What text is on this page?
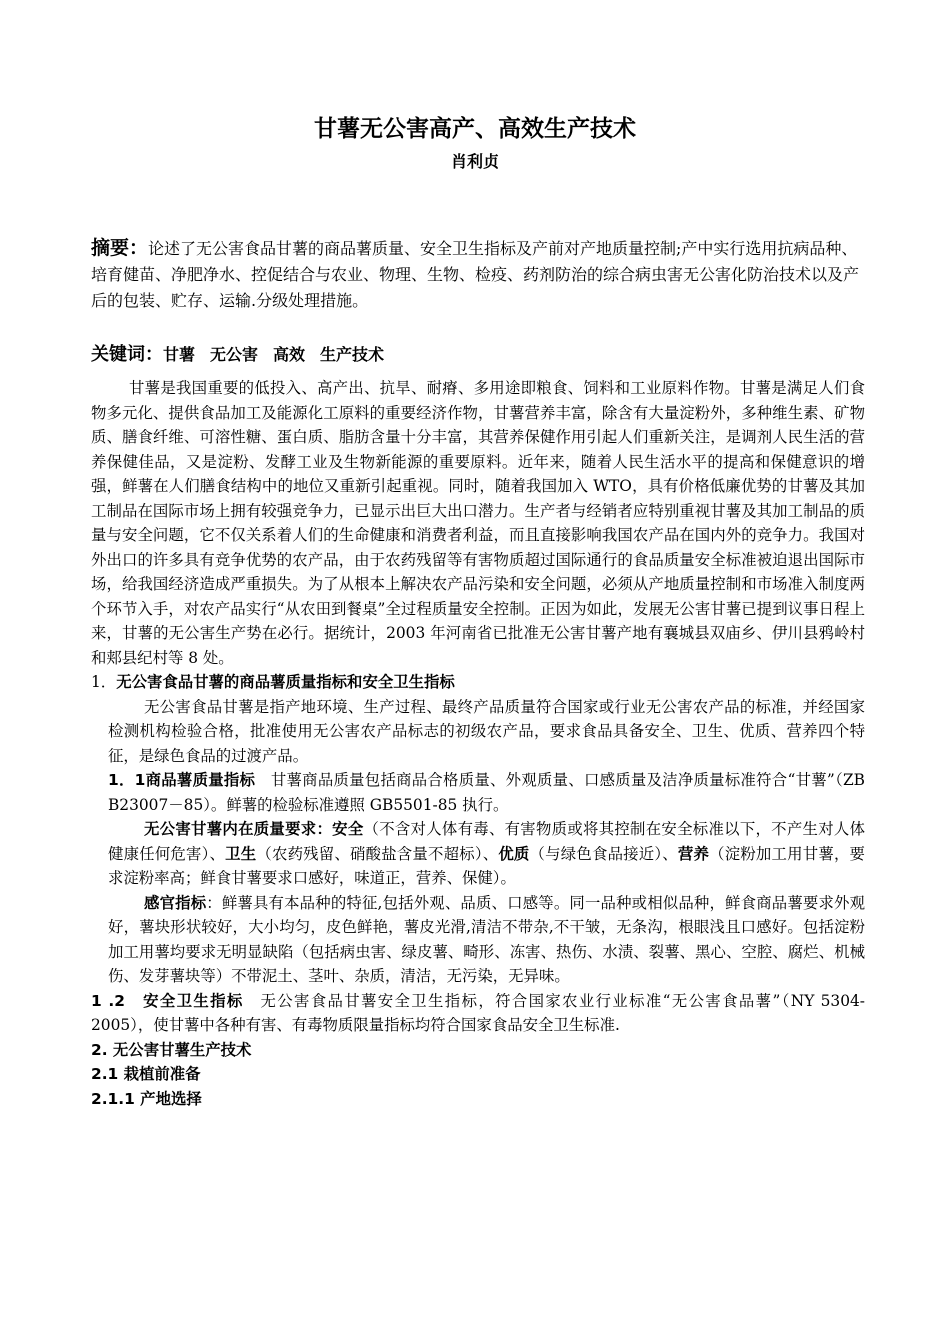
甘薯无公害高产、高效生产技术
肖利贞
摘要：论述了无公害食品甘薯的商品薯质量、安全卫生指标及产前对产地质量控制;产中实行选用抗病品种、培育健苗、净肥净水、控促结合与农业、物理、生物、检疫、药剂防治的综合病虫害无公害化防治技术以及产后的包装、贮存、运输.分级处理措施。
关键词：甘薯 无公害 高效 生产技术

甘薯是我国重要的低投入、高产出、抗旱、耐瘠、多用途即粮食、饲料和工业原料作物。甘薯是满足人们食物多元化、提供食品加工及能源化工原料的重要经济作物，甘薯营养丰富，除含有大量淀粉外，多种维生素、矿物质、膳食纤维、可溶性糖、蛋白质、脂肪含量十分丰富，其营养保健作用引起人们重新关注，是调剂人民生活的营养保健佳品，又是淀粉、发酵工业及生物新能源的重要原料。近年来，随着人民生活水平的提高和保健意识的增强，鲜薯在人们膳食结构中的地位又重新引起重视。同时，随着我国加入 WTO，具有价格低廉优势的甘薯及其加工制品在国际市场上拥有较强竞争力，已显示出巨大出口潜力。生产者与经销者应特别重视甘薯及其加工制品的质量与安全问题，它不仅关系着人们的生命健康和消费者利益，而且直接影响我国农产品在国内外的竞争力。我国对外出口的许多具有竞争优势的农产品，由于农药残留等有害物质超过国际通行的食品质量安全标准被迫退出国际市场，给我国经济造成严重损失。为了从根本上解决农产品污染和安全问题，必须从产地质量控制和市场准入制度两个环节入手，对农产品实行“从农田到餐桌”全过程质量安全控制。正因为如此，发展无公害甘薯已提到议事日程上来，甘薯的无公害生产势在必行。据统计，2003 年河南省已批准无公害甘薯产地有襄城县双庙乡、伊川县鸦岭村和郏县纪村等 8 处。

1．无公害食品甘薯的商品薯质量指标和安全卫生指标

无公害食品甘薯是指产地环境、生产过程、最终产品质量符合国家或行业无公害农产品的标准，并经国家检测机构检验合格，批准使用无公害农产品标志的初级农产品，要求食品具备安全、卫生、优质、营养四个特征，是绿色食品的过渡产品。

1．1商品薯质量指标　 甘薯商品质量包括商品合格质量、外观质量、口感质量及洁净质量标准符合“甘薯”（ZB　B23007－85）。鲜薯的检验标准遵照 GB5501-85 执行。

无公害甘薯内在质量要求：安全（不含对人体有毒、有害物质或将其控制在安全标准以下，不产生对人体健康任何危害）、卫生（农药残留、硝酸盐含量不超标）、优质（与绿色食品接近）、营养（淀粉加工用甘薯，要求淀粉率高；鲜食甘薯要求口感好，味道正，营养、保健）。

感官指标：鲜薯具有本品种的特征,包括外观、品质、口感等。同一品种或相似品种，鲜食商品薯要求外观好，薯块形状较好，大小均匀，皮色鲜艳，薯皮光滑,清洁不带杂,不干皱，无条沟，根眼浅且口感好。包括淀粉加工用薯均要求无明显缺陷（包括病虫害、绿皮薯、畸形、冻害、热伤、水渍、裂薯、黑心、空腔、腐烂、机械伤、发芽薯块等）不带泥土、茎叶、杂质，清洁，无污染，无异味。

1 .2　 安全卫生指标　 无公害食品甘薯安全卫生指标，符合国家农业行业标准“无公害食品薯”（NY 5304-2005），使甘薯中各种有害、有毒物质限量指标均符合国家食品安全卫生标准.

2. 无公害甘薯生产技术

2.1 栽植前准备

2.1.1 产地选择
